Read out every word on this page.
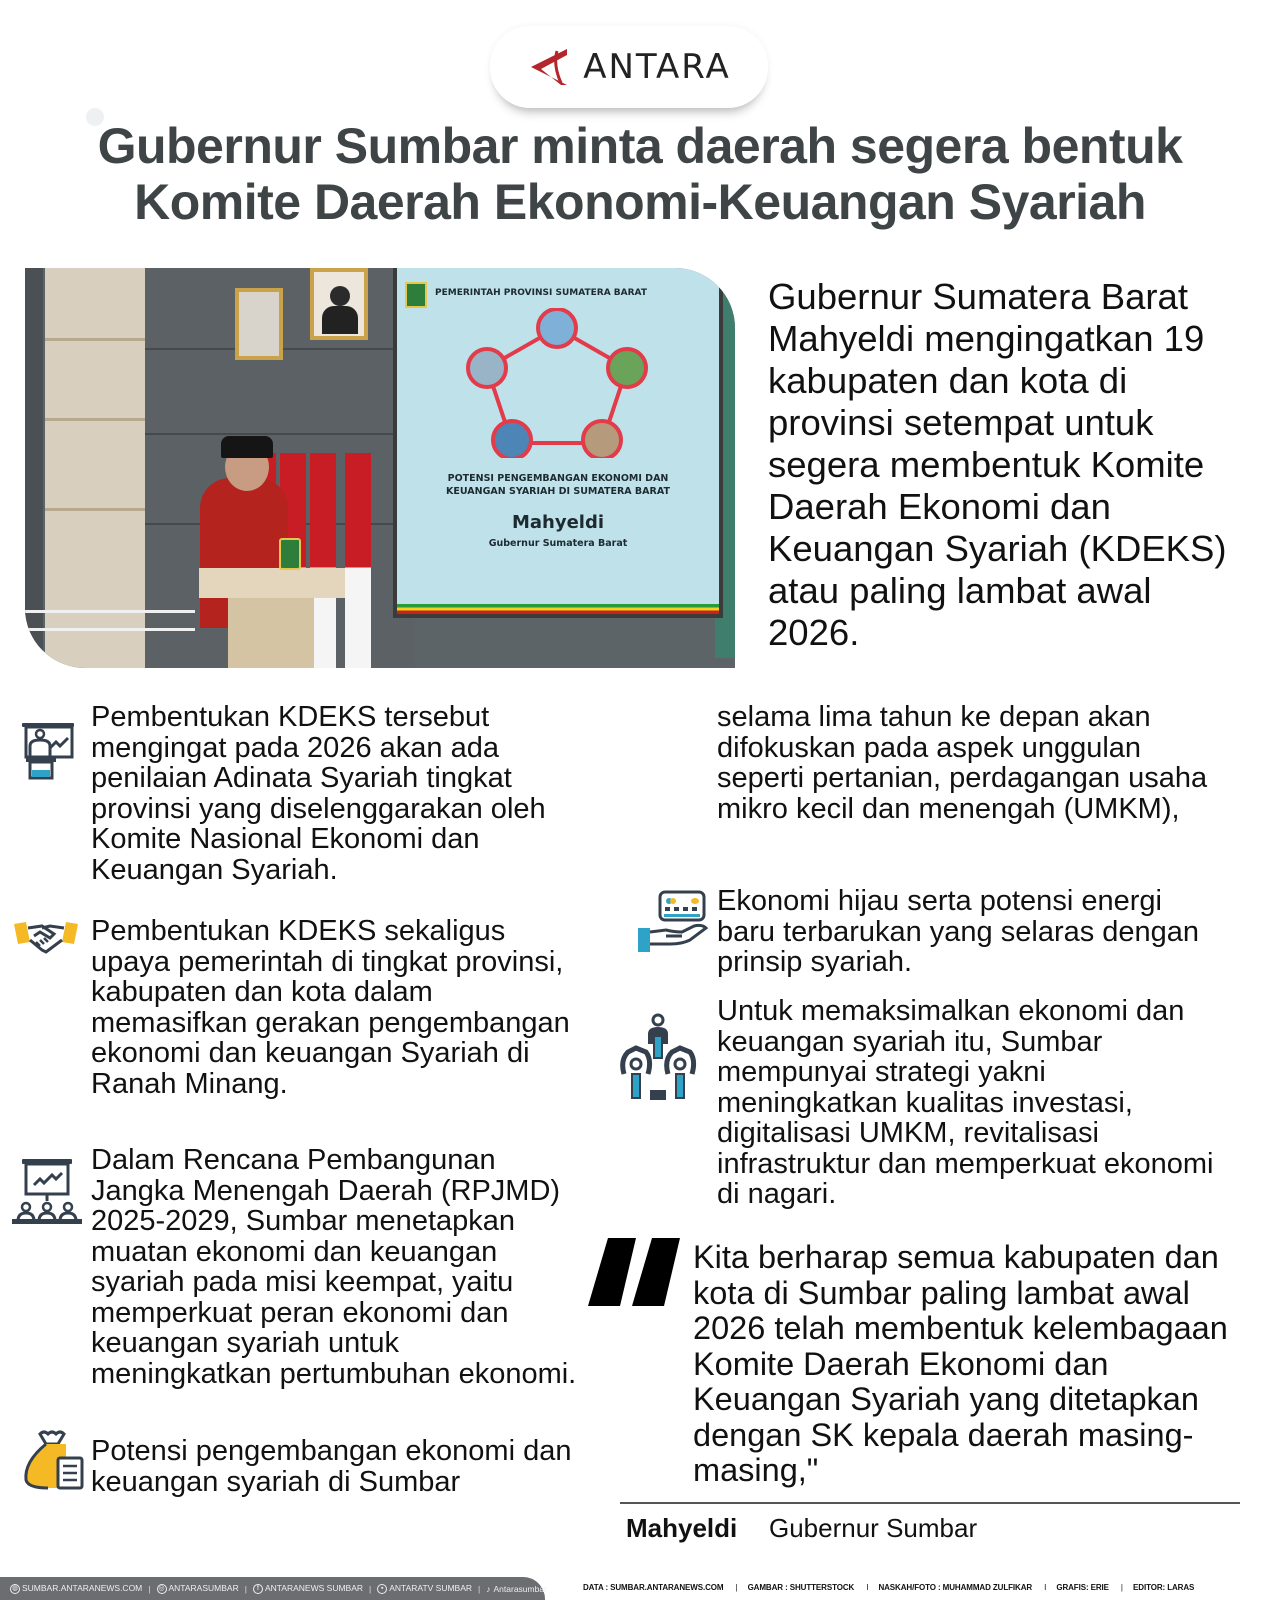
ANTARA
Gubernur Sumbar minta daerah segera bentuk
Komite Daerah Ekonomi-Keuangan Syariah
PEMERINTAH PROVINSI SUMATERA BARAT
POTENSI PENGEMBANGAN EKONOMI DAN
KEUANGAN SYARIAH DI SUMATERA BARAT
Mahyeldi
Gubernur Sumatera Barat

Gubernur Sumatera Barat Mahyeldi mengingatkan 19 kabupaten dan kota di provinsi setempat untuk segera membentuk Komite Daerah Ekonomi dan Keuangan Syariah (KDEKS) atau paling lambat awal 2026.

Pembentukan KDEKS tersebut mengingat pada 2026 akan ada penilaian Adinata Syariah tingkat provinsi yang diselenggarakan oleh Komite Nasional Ekonomi dan Keuangan Syariah.

Pembentukan KDEKS sekaligus upaya pemerintah di tingkat provinsi, kabupaten dan kota dalam memasifkan gerakan pengembangan ekonomi dan keuangan Syariah di Ranah Minang.

Dalam Rencana Pembangunan Jangka Menengah Daerah (RPJMD) 2025-2029, Sumbar menetapkan muatan ekonomi dan keuangan syariah pada misi keempat, yaitu memperkuat peran ekonomi dan keuangan syariah untuk meningkatkan pertumbuhan ekonomi.

Potensi pengembangan ekonomi dan keuangan syariah di Sumbar

selama lima tahun ke depan akan difokuskan pada aspek unggulan seperti pertanian, perdagangan usaha mikro kecil dan menengah (UMKM),

Ekonomi hijau serta potensi energi baru terbarukan yang selaras dengan prinsip syariah.

Untuk memaksimalkan ekonomi dan keuangan syariah itu, Sumbar mempunyai strategi yakni meningkatkan kualitas investasi, digitalisasi UMKM, revitalisasi infrastruktur dan memperkuat ekonomi di nagari.

Kita berharap semua kabupaten dan kota di Sumbar paling lambat awal 2026 telah membentuk kelembagaan Komite Daerah Ekonomi dan Keuangan Syariah yang ditetapkan dengan SK kepala daerah masing-masing,"

Mahyeldi Gubernur Sumbar
◍ SUMBAR.ANTARANEWS.COM | ◎ ANTARASUMBAR |	f ANTARANEWS SUMBAR |	▪ ANTARATV SUMBAR | ♪ Antarasumbar	DATA : SUMBAR.ANTARANEWS.COM | GAMBAR : SHUTTERSTOCK I NASKAH/FOTO : MUHAMMAD ZULFIKAR I GRAFIS: ERIE | EDITOR: LARAS
